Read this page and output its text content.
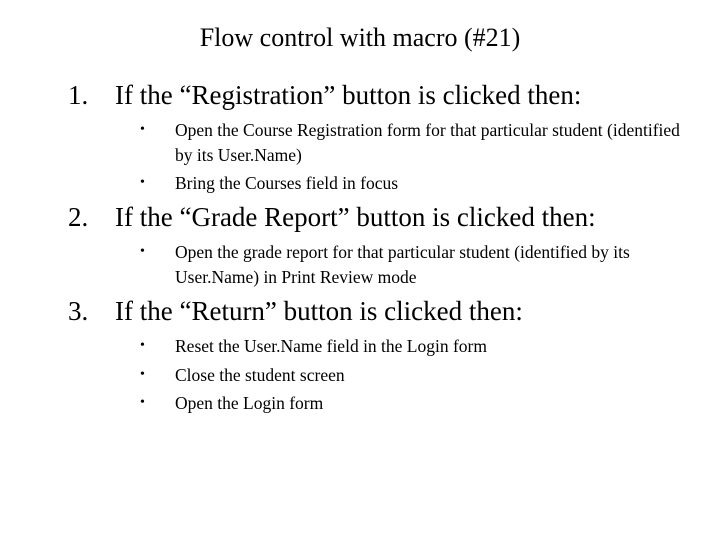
Flow control with macro (#21)
1. If the “Registration” button is clicked then:
• Open the Course Registration form for that particular student (identified by its User.Name)
• Bring the Courses field in focus
2. If the “Grade Report” button is clicked then:
• Open the grade report for that particular student (identified by its User.Name) in Print Review mode
3. If the “Return” button is clicked then:
• Reset the User.Name field in the Login form
• Close the student screen
• Open the Login form
